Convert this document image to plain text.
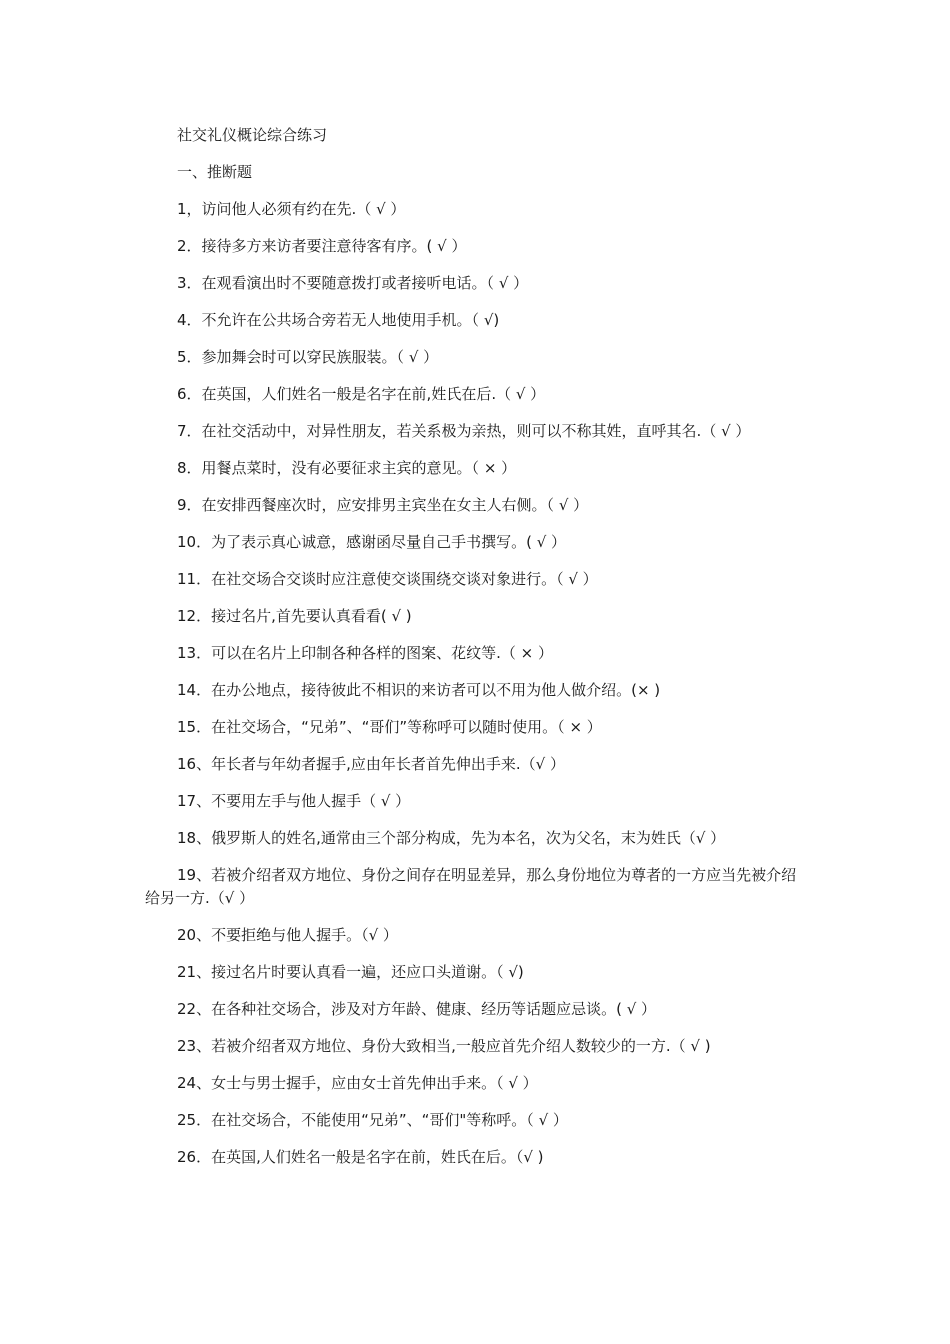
社交礼仪概论综合练习

一、推断题

1，访问他人必须有约在先.（ √ ）

2．接待多方来访者要注意待客有序。( √ ）

3．在观看演出时不要随意拨打或者接听电话。（ √ ）

4．不允许在公共场合旁若无人地使用手机。（ √)

5．参加舞会时可以穿民族服装。（ √ ）

6．在英国，人们姓名一般是名字在前,姓氏在后.（ √ ）

7．在社交活动中，对异性朋友，若关系极为亲热，则可以不称其姓，直呼其名.（ √ ）

8．用餐点菜时，没有必要征求主宾的意见。（ × ）

9．在安排西餐座次时，应安排男主宾坐在女主人右侧。（ √ ）

10．为了表示真心诚意，感谢函尽量自己手书撰写。( √ ）

11．在社交场合交谈时应注意使交谈围绕交谈对象进行。（ √ ）

12．接过名片,首先要认真看看( √ )

13．可以在名片上印制各种各样的图案、花纹等.（ × ）

14．在办公地点，接待彼此不相识的来访者可以不用为他人做介绍。(× )

15．在社交场合，“兄弟”、“哥们”等称呼可以随时使用。（ × ）

16、年长者与年幼者握手,应由年长者首先伸出手来.（√ ）

17、不要用左手与他人握手（ √ ）

18、俄罗斯人的姓名,通常由三个部分构成，先为本名，次为父名，末为姓氏（√ ）

19、若被介绍者双方地位、身份之间存在明显差异，那么身份地位为尊者的一方应当先被介绍给另一方.（√ ）

20、不要拒绝与他人握手。（√ ）

21、接过名片时要认真看一遍，还应口头道谢。（ √)

22、在各种社交场合，涉及对方年龄、健康、经历等话题应忌谈。( √ ）

23、若被介绍者双方地位、身份大致相当,一般应首先介绍人数较少的一方.（ √ )

24、女士与男士握手，应由女士首先伸出手来。（ √ ）

25．在社交场合，不能使用“兄弟”、“哥们"等称呼。（ √ ）

26．在英国,人们姓名一般是名字在前，姓氏在后。（√ )
